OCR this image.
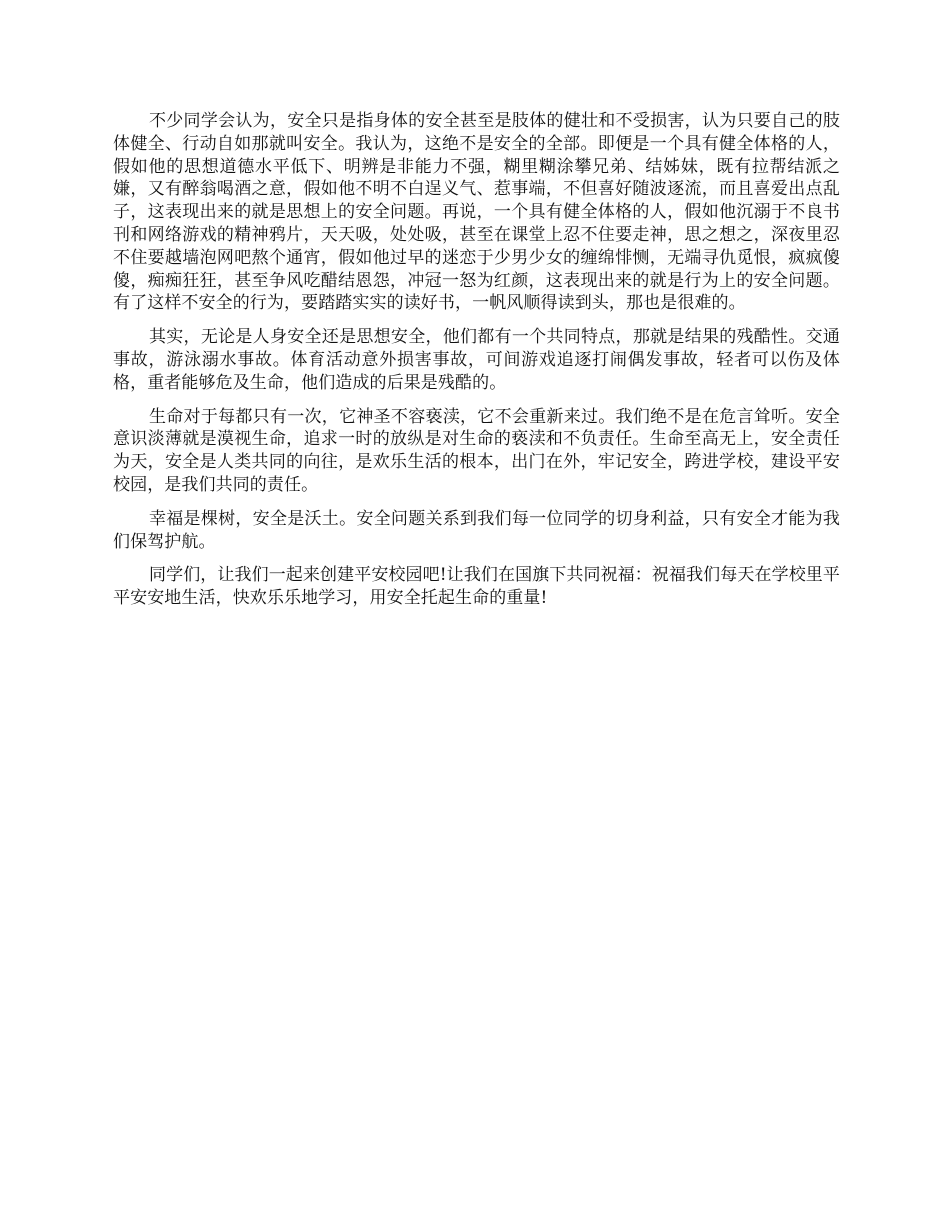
不少同学会认为，安全只是指身体的安全甚至是肢体的健壮和不受损害，认为只要自己的肢体健全、行动自如那就叫安全。我认为，这绝不是安全的全部。即便是一个具有健全体格的人，假如他的思想道德水平低下、明辨是非能力不强，糊里糊涂攀兄弟、结姊妹，既有拉帮结派之嫌，又有醉翁喝酒之意，假如他不明不白逞义气、惹事端，不但喜好随波逐流，而且喜爱出点乱子，这表现出来的就是思想上的安全问题。再说，一个具有健全体格的人，假如他沉溺于不良书刊和网络游戏的精神鸦片，天天吸，处处吸，甚至在课堂上忍不住要走神，思之想之，深夜里忍不住要越墙泡网吧熬个通宵，假如他过早的迷恋于少男少女的缠绵悱恻，无端寻仇觅恨，疯疯傻傻，痴痴狂狂，甚至争风吃醋结恩怨，冲冠一怒为红颜，这表现出来的就是行为上的安全问题。有了这样不安全的行为，要踏踏实实的读好书，一帆风顺得读到头，那也是很难的。

其实，无论是人身安全还是思想安全，他们都有一个共同特点，那就是结果的残酷性。交通事故，游泳溺水事故。体育活动意外损害事故，可间游戏追逐打闹偶发事故，轻者可以伤及体格，重者能够危及生命，他们造成的后果是残酷的。

生命对于每都只有一次，它神圣不容亵渎，它不会重新来过。我们绝不是在危言耸听。安全意识淡薄就是漠视生命，追求一时的放纵是对生命的亵渎和不负责任。生命至高无上，安全责任为天，安全是人类共同的向往，是欢乐生活的根本，出门在外，牢记安全，跨进学校，建设平安校园，是我们共同的责任。

幸福是棵树，安全是沃土。安全问题关系到我们每一位同学的切身利益，只有安全才能为我们保驾护航。

同学们，让我们一起来创建平安校园吧!让我们在国旗下共同祝福：祝福我们每天在学校里平平安安地生活，快欢乐乐地学习，用安全托起生命的重量!
